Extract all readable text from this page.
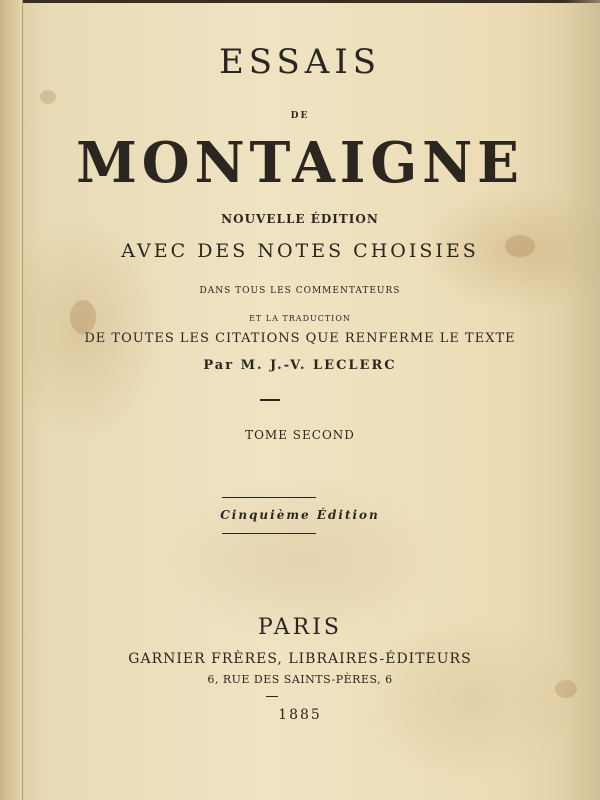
ESSAIS
DE
MONTAIGNE
NOUVELLE ÉDITION
AVEC DES NOTES CHOISIES
DANS TOUS LES COMMENTATEURS
ET LA TRADUCTION
DE TOUTES LES CITATIONS QUE RENFERME LE TEXTE
Par M. J.-V. LECLERC
TOME SECOND
Cinquième Édition
PARIS
GARNIER FRÈRES, LIBRAIRES-ÉDITEURS
6, RUE DES SAINTS-PÈRES, 6
1885
